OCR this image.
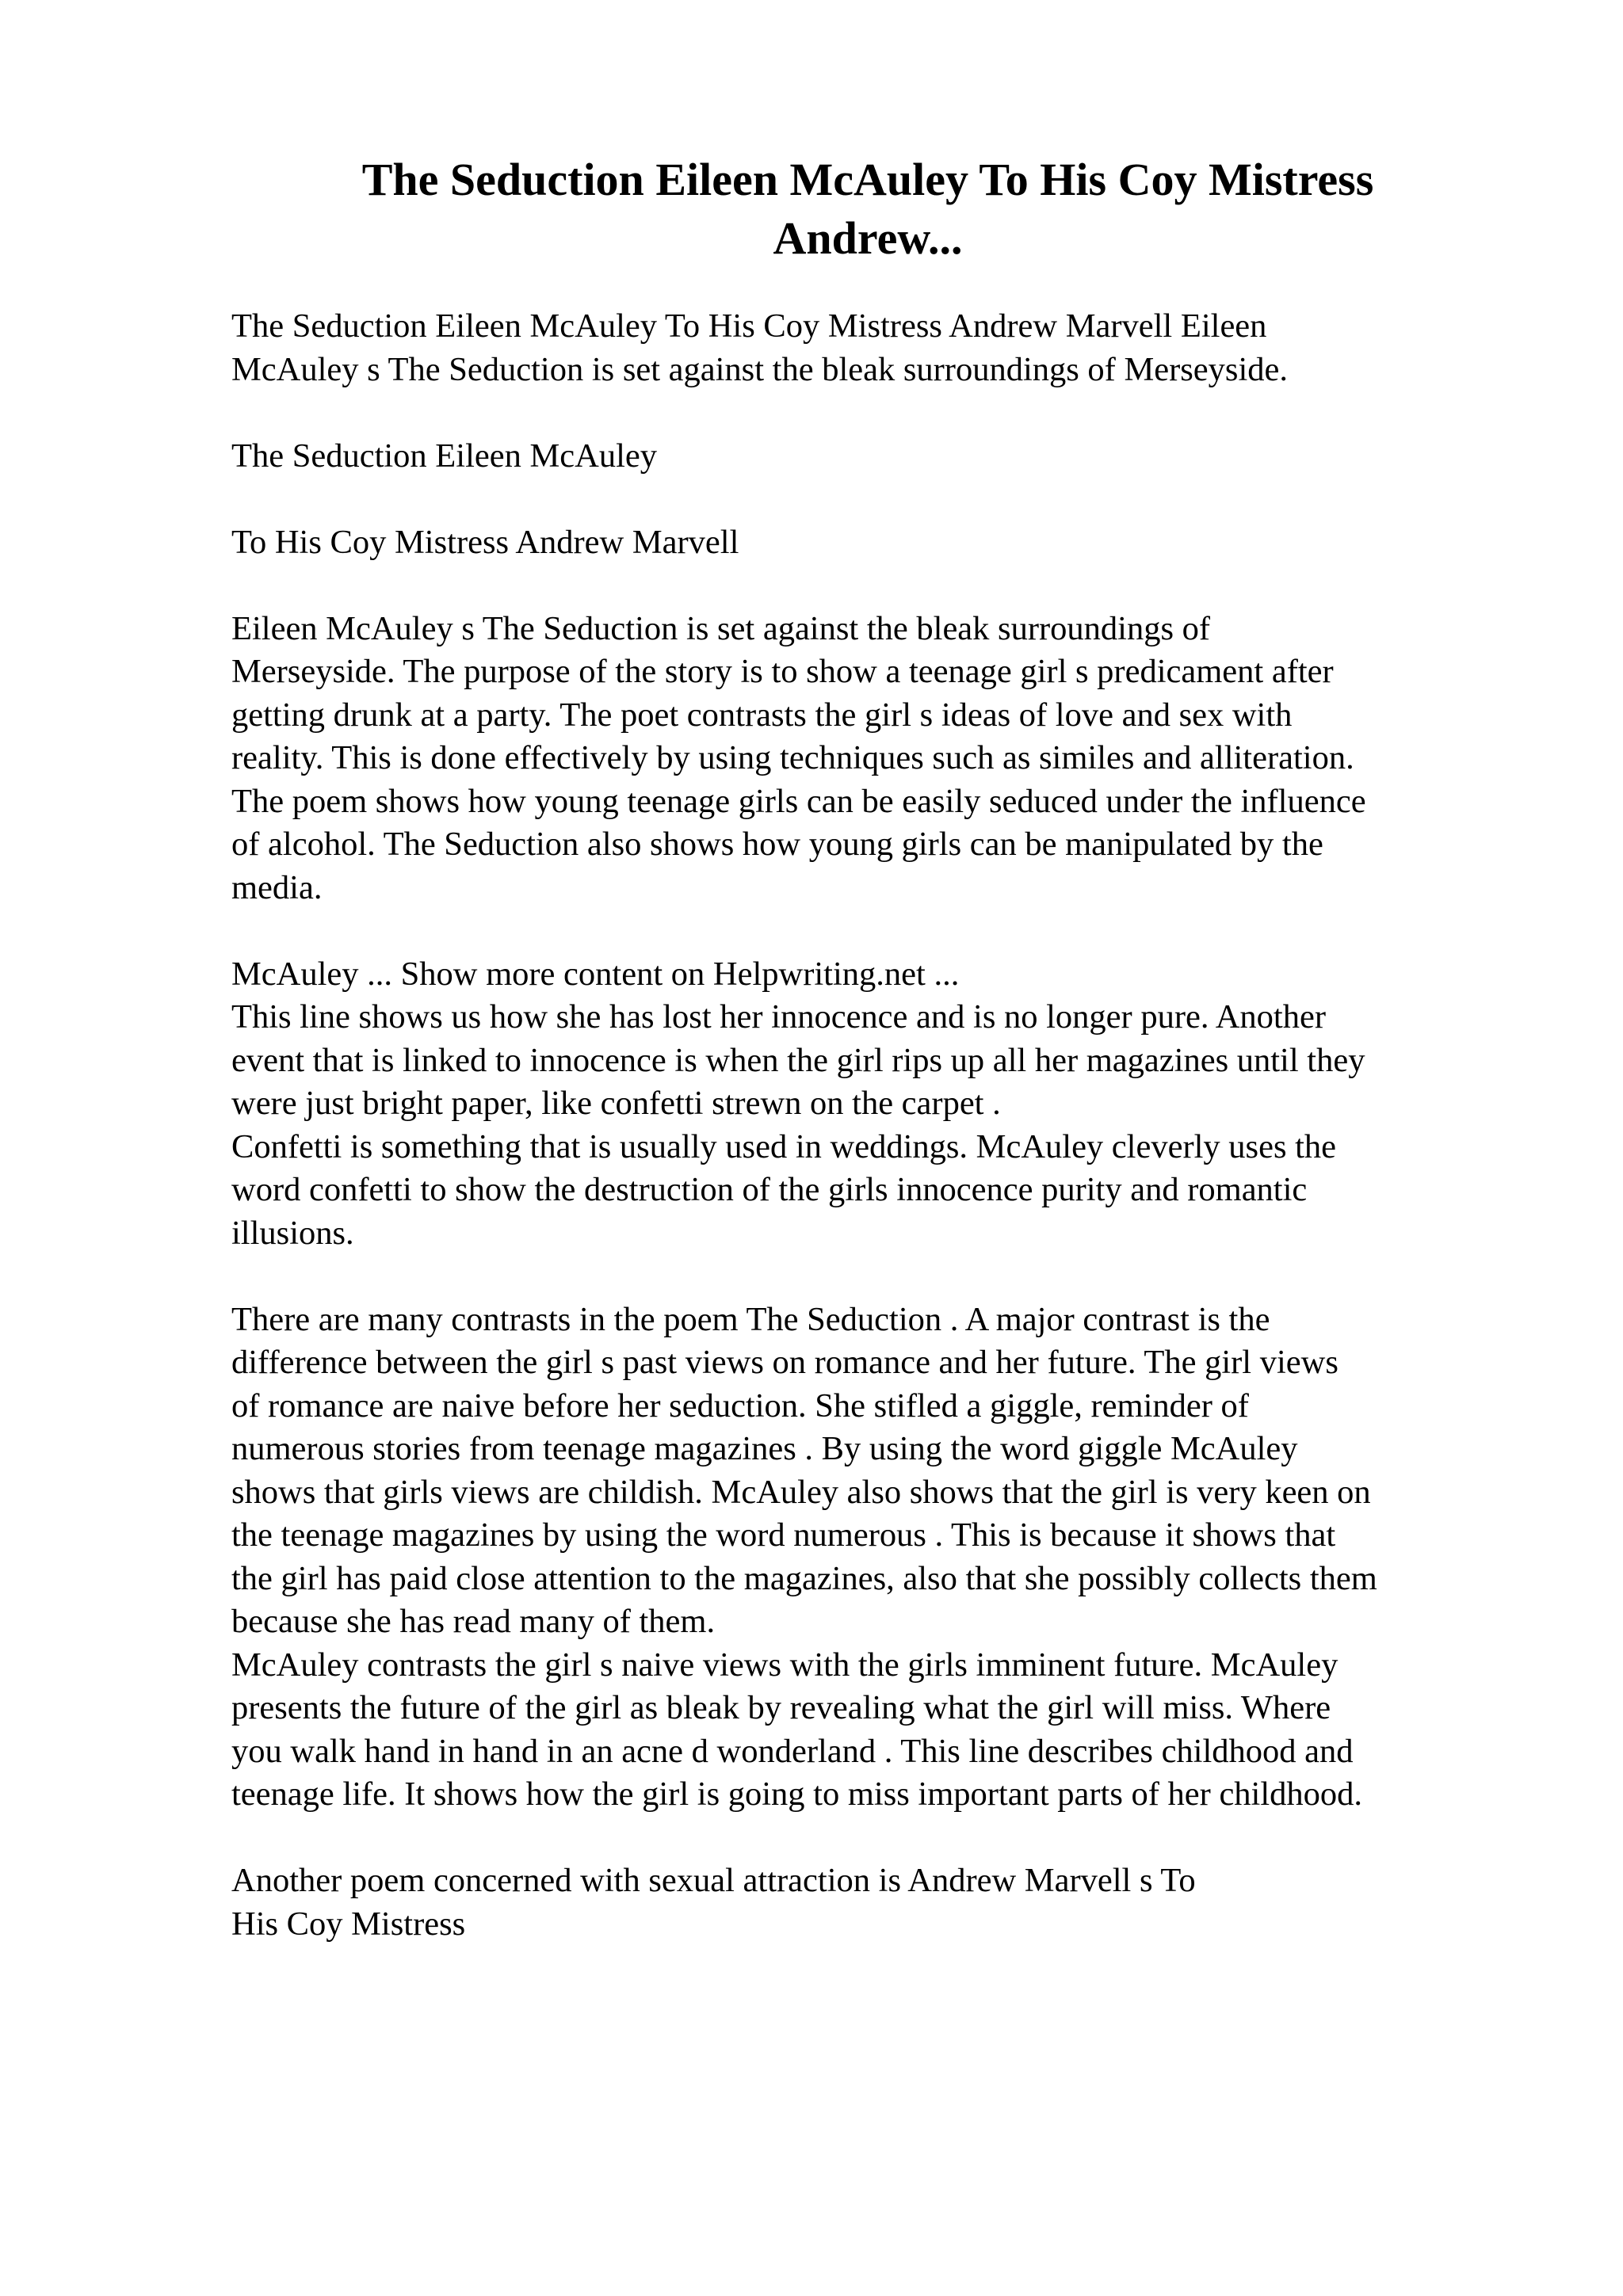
The Seduction Eileen McAuley To His Coy Mistress
Andrew...

The Seduction Eileen McAuley To His Coy Mistress Andrew Marvell Eileen
McAuley s The Seduction is set against the bleak surroundings of Merseyside.

The Seduction Eileen McAuley

To His Coy Mistress Andrew Marvell

Eileen McAuley s The Seduction is set against the bleak surroundings of
Merseyside. The purpose of the story is to show a teenage girl s predicament after
getting drunk at a party. The poet contrasts the girl s ideas of love and sex with
reality. This is done effectively by using techniques such as similes and alliteration.
The poem shows how young teenage girls can be easily seduced under the influence
of alcohol. The Seduction also shows how young girls can be manipulated by the
media.

McAuley ... Show more content on Helpwriting.net ...
This line shows us how she has lost her innocence and is no longer pure. Another
event that is linked to innocence is when the girl rips up all her magazines until they
were just bright paper, like confetti strewn on the carpet .
Confetti is something that is usually used in weddings. McAuley cleverly uses the
word confetti to show the destruction of the girls innocence purity and romantic
illusions.

There are many contrasts in the poem The Seduction . A major contrast is the
difference between the girl s past views on romance and her future. The girl views
of romance are naive before her seduction. She stifled a giggle, reminder of
numerous stories from teenage magazines . By using the word giggle McAuley
shows that girls views are childish. McAuley also shows that the girl is very keen on
the teenage magazines by using the word numerous . This is because it shows that
the girl has paid close attention to the magazines, also that she possibly collects them
because she has read many of them.
McAuley contrasts the girl s naive views with the girls imminent future. McAuley
presents the future of the girl as bleak by revealing what the girl will miss. Where
you walk hand in hand in an acne d wonderland . This line describes childhood and
teenage life. It shows how the girl is going to miss important parts of her childhood.

Another poem concerned with sexual attraction is Andrew Marvell s To
His Coy Mistress
